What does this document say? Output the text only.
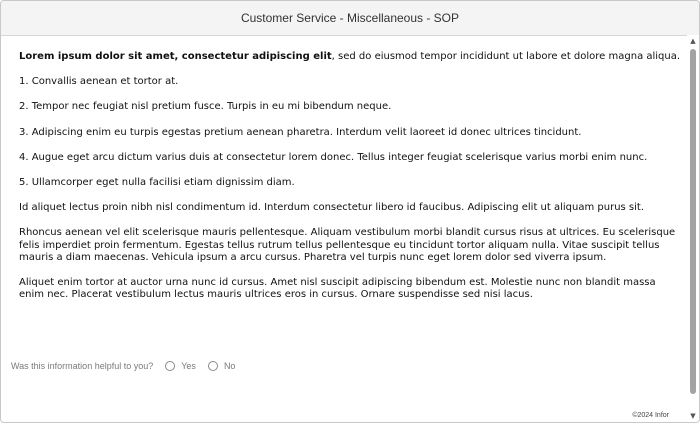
Customer Service - Miscellaneous - SOP

Lorem ipsum dolor sit amet, consectetur adipiscing elit, sed do eiusmod tempor incididunt ut labore et dolore magna aliqua.

1. Convallis aenean et tortor at.

2. Tempor nec feugiat nisl pretium fusce. Turpis in eu mi bibendum neque.

3. Adipiscing enim eu turpis egestas pretium aenean pharetra. Interdum velit laoreet id donec ultrices tincidunt.

4. Augue eget arcu dictum varius duis at consectetur lorem donec. Tellus integer feugiat scelerisque varius morbi enim nunc.

5. Ullamcorper eget nulla facilisi etiam dignissim diam.

Id aliquet lectus proin nibh nisl condimentum id. Interdum consectetur libero id faucibus. Adipiscing elit ut aliquam purus sit.

Rhoncus aenean vel elit scelerisque mauris pellentesque. Aliquam vestibulum morbi blandit cursus risus at ultrices. Eu scelerisque felis imperdiet proin fermentum. Egestas tellus rutrum tellus pellentesque eu tincidunt tortor aliquam nulla. Vitae suscipit tellus mauris a diam maecenas. Vehicula ipsum a arcu cursus. Pharetra vel turpis nunc eget lorem dolor sed viverra ipsum.

Aliquet enim tortor at auctor urna nunc id cursus. Amet nisl suscipit adipiscing bibendum est. Molestie nunc non blandit massa enim nec. Placerat vestibulum lectus mauris ultrices eros in cursus. Ornare suspendisse sed nisi lacus.

Was this information helpful to you?	Yes	No
©2024 Infor
▲
▼
